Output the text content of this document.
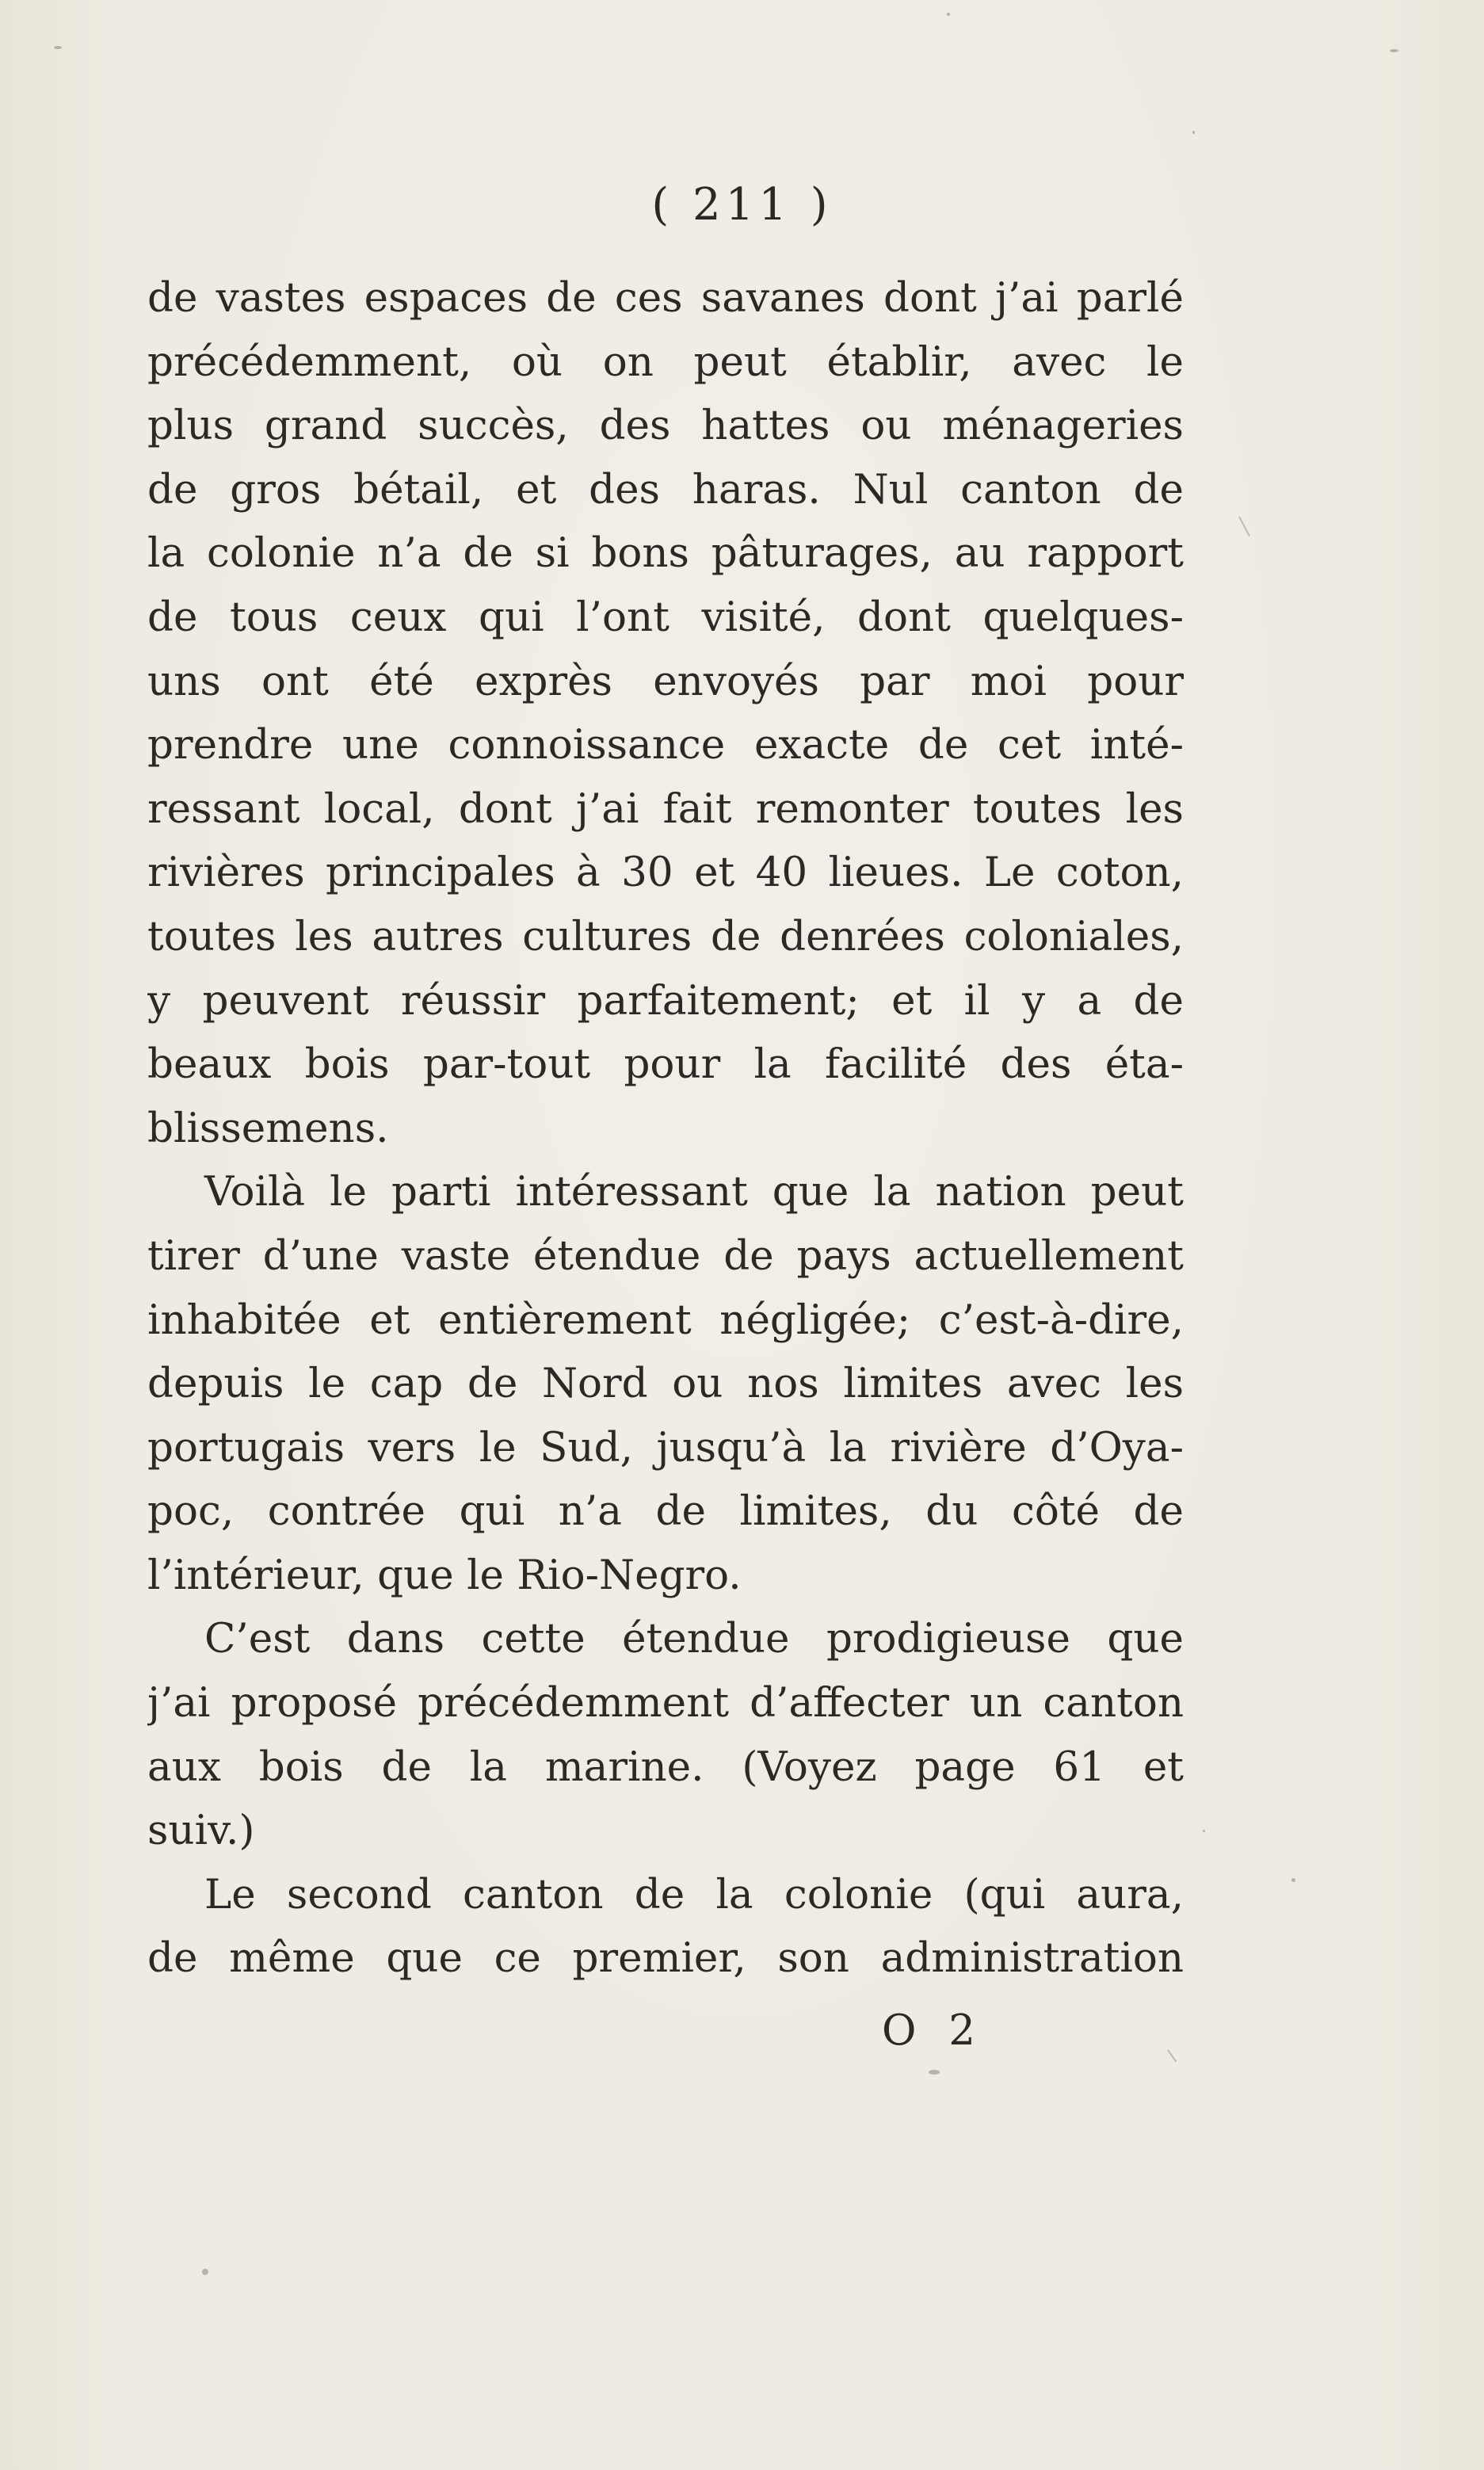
( 211 )
de vastes espaces de ces savanes dont j’ai parlé
précédemment, où on peut établir, avec le
plus grand succès, des hattes ou ménageries
de gros bétail, et des haras. Nul canton de
la colonie n’a de si bons pâturages, au rapport
de tous ceux qui l’ont visité, dont quelques-
uns ont été exprès envoyés par moi pour
prendre une connoissance exacte de cet inté-
ressant local, dont j’ai fait remonter toutes les
rivières principales à 30 et 40 lieues. Le coton,
toutes les autres cultures de denrées coloniales,
y peuvent réussir parfaitement; et il y a de
beaux bois par-tout pour la facilité des éta-
blissemens.
Voilà le parti intéressant que la nation peut
tirer d’une vaste étendue de pays actuellement
inhabitée et entièrement négligée; c’est-à-dire,
depuis le cap de Nord ou nos limites avec les
portugais vers le Sud, jusqu’à la rivière d’Oya-
poc, contrée qui n’a de limites, du côté de
l’intérieur, que le Rio-Negro.
C’est dans cette étendue prodigieuse que
j’ai proposé précédemment d’affecter un canton
aux bois de la marine. (Voyez page 61 et
suiv.)
Le second canton de la colonie (qui aura,
de même que ce premier, son administration
O 2
